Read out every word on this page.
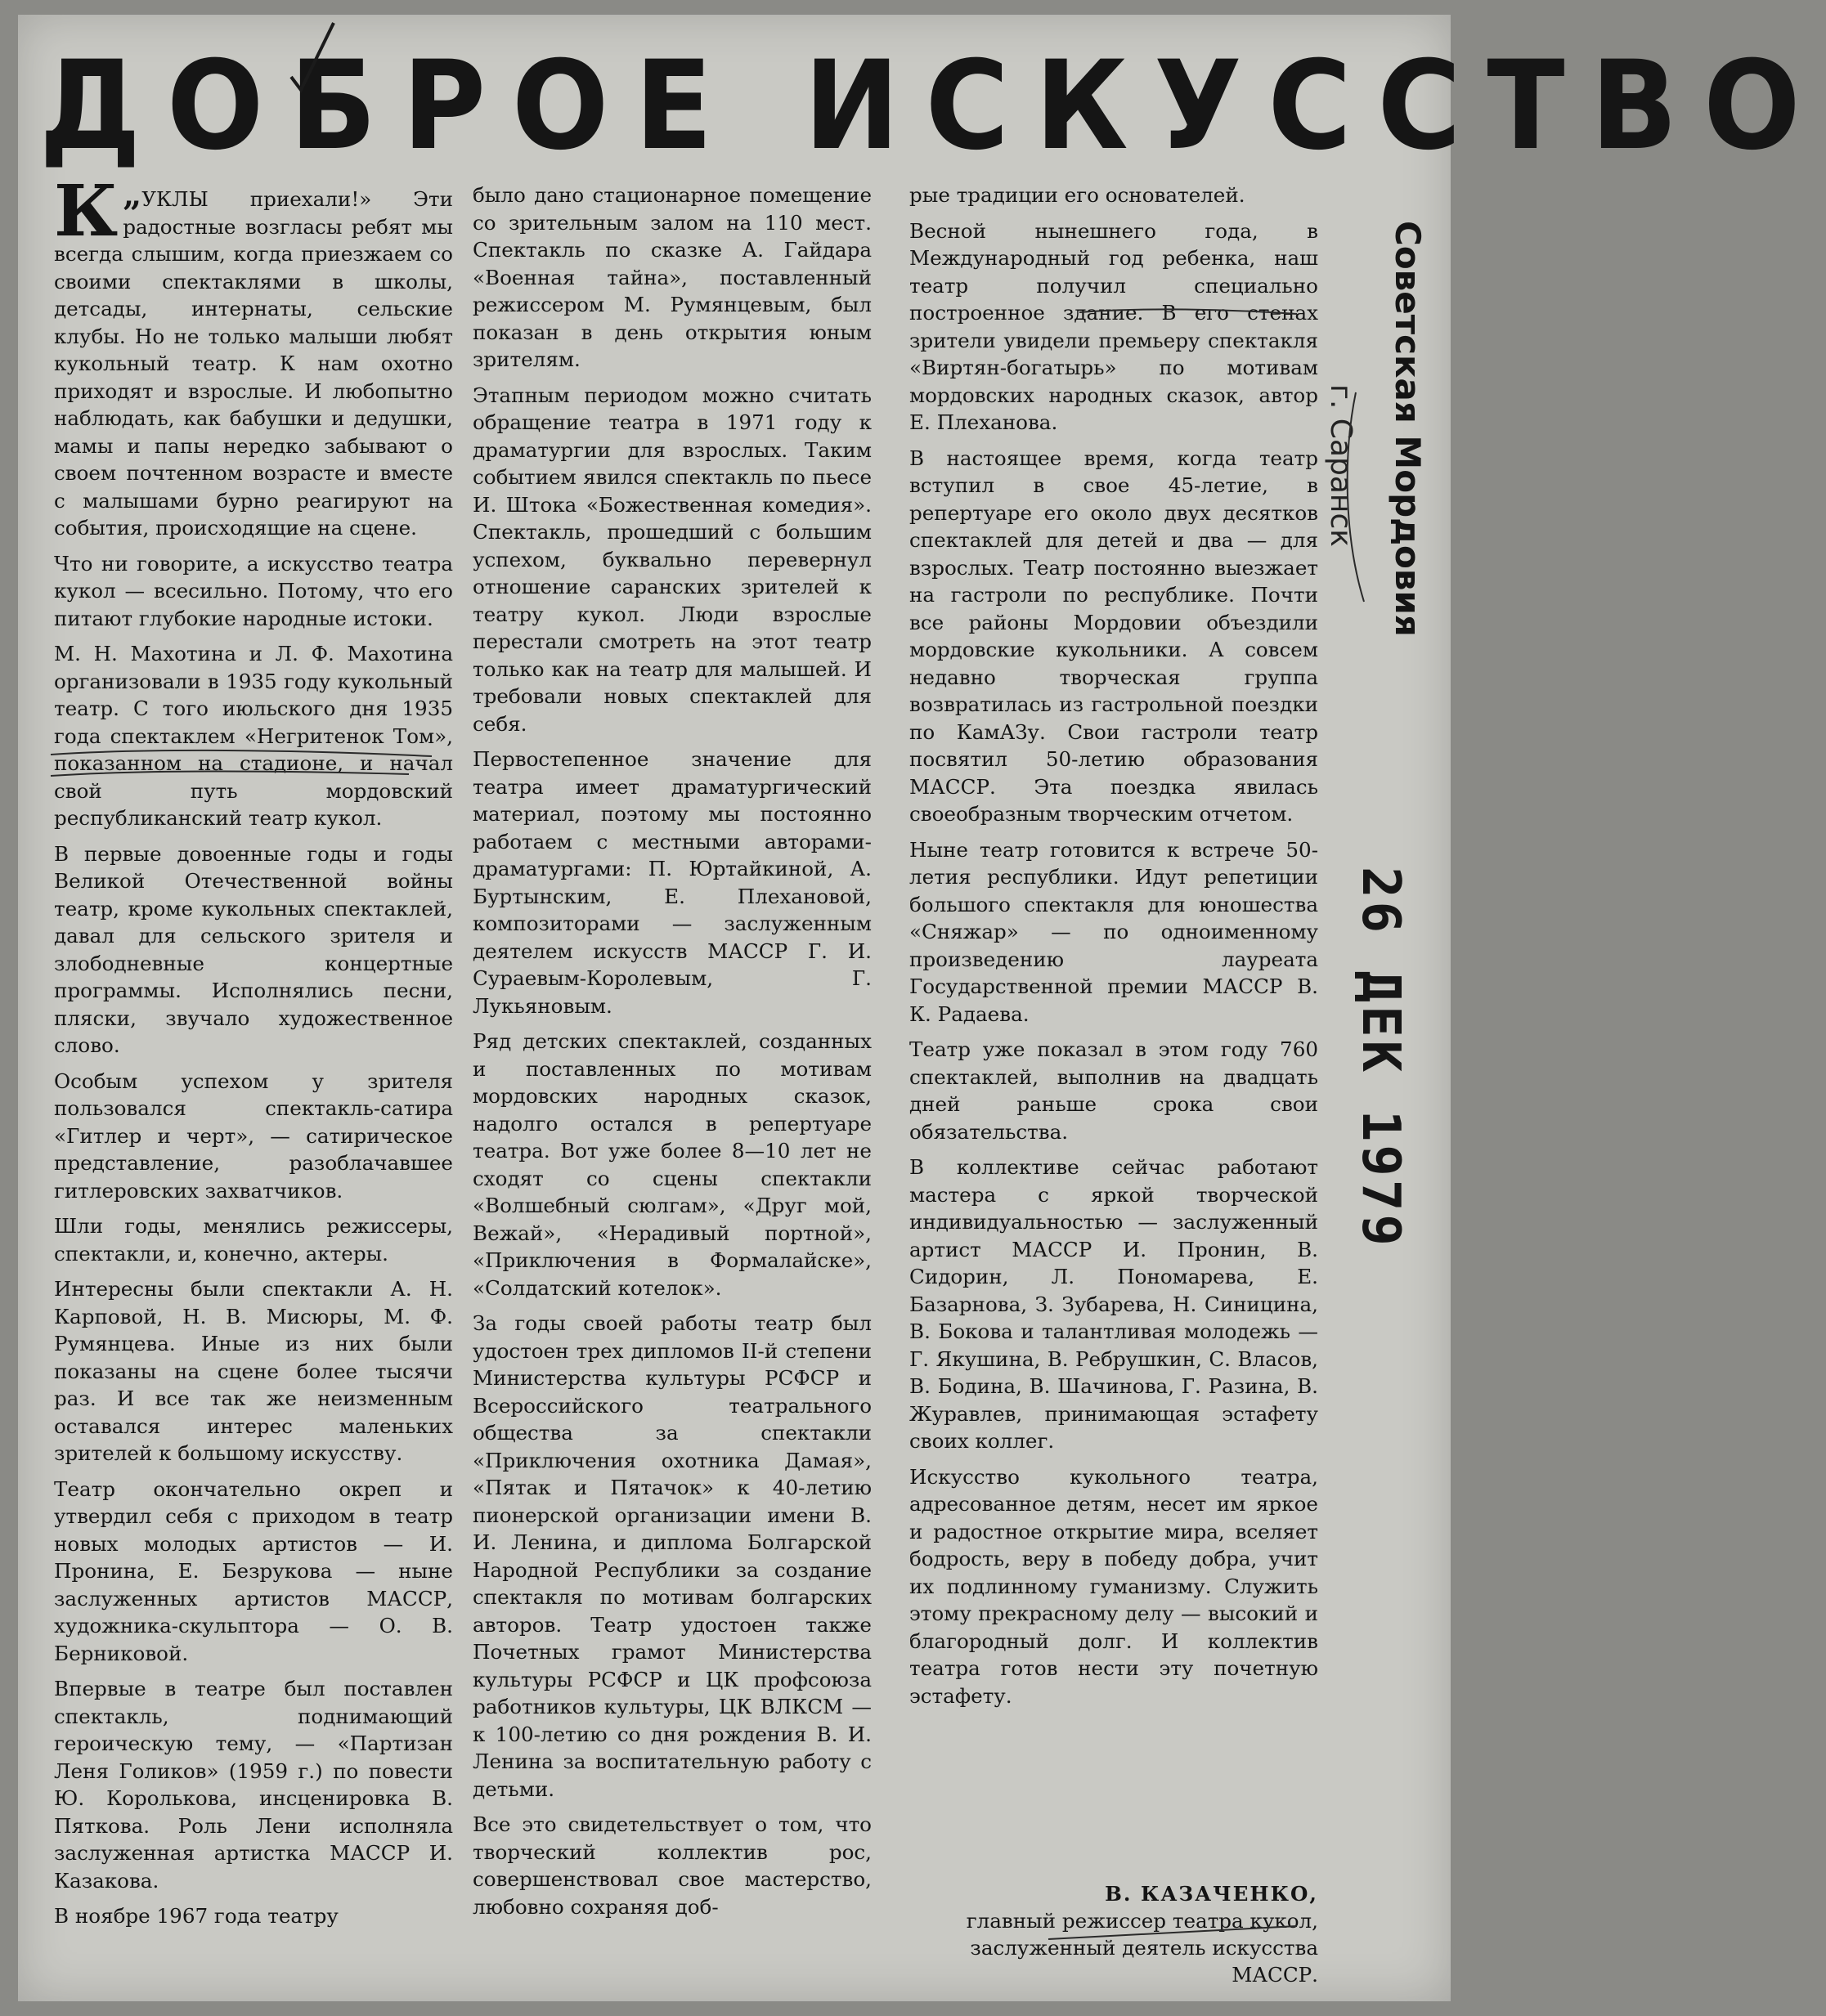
ДОБРОЕ ИСКУССТВО

К „УКЛЫ приехали!» Эти радостные возгласы ребят мы всегда слышим, когда приезжаем со своими спектаклями в школы, детсады, интернаты, сельские клубы. Но не только малыши любят кукольный театр. К нам охотно приходят и взрослые. И любопытно наблюдать, как бабушки и дедушки, мамы и папы нередко забывают о своем почтенном возрасте и вместе с малышами бурно реагируют на события, происходящие на сцене.

Что ни говорите, а искусство театра кукол — всесильно. Потому, что его питают глубокие народные истоки.

М. Н. Махотина и Л. Ф. Махотина организовали в 1935 году кукольный театр. С того июльского дня 1935 года спектаклем «Негритенок Том», показанном на стадионе, и начал свой путь мордовский республиканский театр кукол.

В первые довоенные годы и годы Великой Отечественной войны театр, кроме кукольных спектаклей, давал для сельского зрителя и злободневные концертные программы. Исполнялись песни, пляски, звучало художественное слово.

Особым успехом у зрителя пользовался спектакль-сатира «Гитлер и черт», — сатирическое представление, разоблачавшее гитлеровских захватчиков.

Шли годы, менялись режиссеры, спектакли, и, конечно, актеры.

Интересны были спектакли А. Н. Карповой, Н. В. Мисюры, М. Ф. Румянцева. Иные из них были показаны на сцене более тысячи раз. И все так же неизменным оставался интерес маленьких зрителей к большому искусству.

Театр окончательно окреп и утвердил себя с приходом в театр новых молодых артистов — И. Пронина, Е. Безрукова — ныне заслуженных артистов МАССР, художника-скульптора — О. В. Берниковой.

Впервые в театре был поставлен спектакль, поднимающий героическую тему, — «Партизан Леня Голиков» (1959 г.) по повести Ю. Королькова, инсценировка В. Пяткова. Роль Лени исполняла заслуженная артистка МАССР И. Казакова.

В ноябре 1967 года театру

было дано стационарное помещение со зрительным залом на 110 мест. Спектакль по сказке А. Гайдара «Военная тайна», поставленный режиссером М. Румянцевым, был показан в день открытия юным зрителям.

Этапным периодом можно считать обращение театра в 1971 году к драматургии для взрослых. Таким событием явился спектакль по пьесе И. Штока «Божественная комедия». Спектакль, прошедший с большим успехом, буквально перевернул отношение саранских зрителей к театру кукол. Люди взрослые перестали смотреть на этот театр только как на театр для малышей. И требовали новых спектаклей для себя.

Первостепенное значение для театра имеет драматургический материал, поэтому мы постоянно работаем с местными авторами-драматургами: П. Юртайкиной, А. Буртынским, Е. Плехановой, композиторами — заслуженным деятелем искусств МАССР Г. И. Сураевым-Королевым, Г. Лукьяновым.

Ряд детских спектаклей, созданных и поставленных по мотивам мордовских народных сказок, надолго остался в репертуаре театра. Вот уже более 8—10 лет не сходят со сцены спектакли «Волшебный сюлгам», «Друг мой, Вежай», «Нерадивый портной», «Приключения в Формалайске», «Солдатский котелок».

За годы своей работы театр был удостоен трех дипломов II-й степени Министерства культуры РСФСР и Всероссийского театрального общества за спектакли «Приключения охотника Дамая», «Пятак и Пятачок» к 40-летию пионерской организации имени В. И. Ленина, и диплома Болгарской Народной Республики за создание спектакля по мотивам болгарских авторов. Театр удостоен также Почетных грамот Министерства культуры РСФСР и ЦК профсоюза работников культуры, ЦК ВЛКСМ — к 100-летию со дня рождения В. И. Ленина за воспитательную работу с детьми.

Все это свидетельствует о том, что творческий коллектив рос, совершенствовал свое мастерство, любовно сохраняя доб-

рые традиции его основателей.

Весной нынешнего года, в Международный год ребенка, наш театр получил специально построенное здание. В его стенах зрители увидели премьеру спектакля «Виртян-богатырь» по мотивам мордовских народных сказок, автор Е. Плеханова.

В настоящее время, когда театр вступил в свое 45-летие, в репертуаре его около двух десятков спектаклей для детей и два — для взрослых. Театр постоянно выезжает на гастроли по республике. Почти все районы Мордовии объездили мордовские кукольники. А совсем недавно творческая группа возвратилась из гастрольной поездки по КамАЗу. Свои гастроли театр посвятил 50-летию образования МАССР. Эта поездка явилась своеобразным творческим отчетом.

Ныне театр готовится к встрече 50-летия республики. Идут репетиции большого спектакля для юношества «Сняжар» — по одноименному произведению лауреата Государственной премии МАССР В. К. Радаева.

Театр уже показал в этом году 760 спектаклей, выполнив на двадцать дней раньше срока свои обязательства.

В коллективе сейчас работают мастера с яркой творческой индивидуальностью — заслуженный артист МАССР И. Пронин, В. Сидорин, Л. Пономарева, Е. Базарнова, З. Зубарева, Н. Синицина, В. Бокова и талантливая молодежь — Г. Якушина, В. Ребрушкин, С. Власов, В. Бодина, В. Шачинова, Г. Разина, В. Журавлев, принимающая эстафету своих коллег.

Искусство кукольного театра, адресованное детям, несет им яркое и радостное открытие мира, вселяет бодрость, веру в победу добра, учит их подлинному гуманизму. Служить этому прекрасному делу — высокий и благородный долг. И коллектив театра готов нести эту почетную эстафету.

В. КАЗАЧЕНКО,
главный режиссер театра кукол, заслуженный деятель искусства МАССР.
Советская Мордовия
г. Саранск
26 ДЕК 1979
